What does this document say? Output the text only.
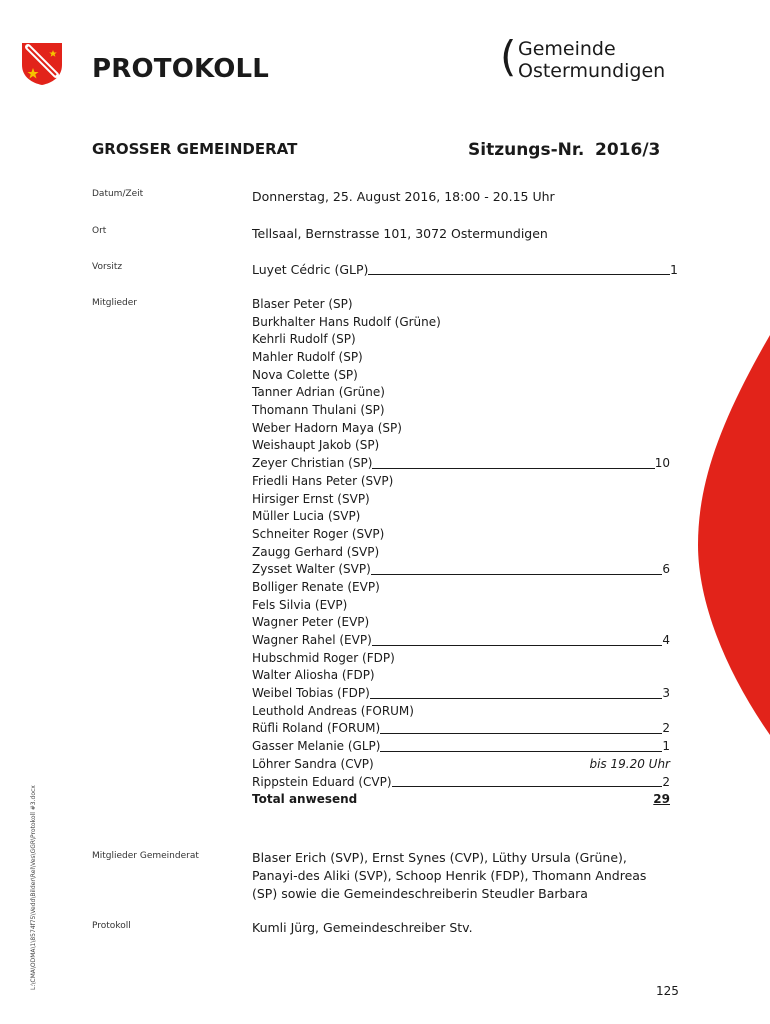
PROTOKOLL	( Gemeinde
Ostermundigen
GROSSER GEMEINDERAT	Sitzungs-Nr. 2016/3
Datum/Zeit	Donnerstag, 25. August 2016, 18:00 - 20.15 Uhr
Ort	Tellsaal, Bernstrasse 101, 3072 Ostermundigen
Vorsitz	Luyet Cédric (GLP)	1
Mitglieder	Blaser Peter (SP)
Burkhalter Hans Rudolf (Grüne)
Kehrli Rudolf (SP)
Mahler Rudolf (SP)
Nova Colette (SP)
Tanner Adrian (Grüne)
Thomann Thulani (SP)
Weber Hadorn Maya (SP)
Weishaupt Jakob (SP)
Zeyer Christian (SP)	10
Friedli Hans Peter (SVP)
Hirsiger Ernst (SVP)
Müller Lucia (SVP)
Schneiter Roger (SVP)
Zaugg Gerhard (SVP)
Zysset Walter (SVP)	6
Bolliger Renate (EVP)
Fels Silvia (EVP)
Wagner Peter (EVP)
Wagner Rahel (EVP)	4
Hubschmid Roger (FDP)
Walter Aliosha (FDP)
Weibel Tobias (FDP)	3
Leuthold Andreas (FORUM)
Rüfli Roland (FORUM)	2
Gasser Melanie (GLP)	1
Löhrer Sandra (CVP)	bis 19.20 Uhr
Rippstein Eduard (CVP)	2
Total anwesend	29
Mitglieder Gemeinderat	Blaser Erich (SVP), Ernst Synes (CVP), Lüthy Ursula (Grüne), Panayi-des Aliki (SVP), Schoop Henrik (FDP), Thomann Andreas (SP) sowie die Gemeindeschreiberin Steudler Barbara
Protokoll	Kumli Jürg, Gemeindeschreiber Stv.
125
L:\CMA\ODMA\1\8574f75\Vedd\Bilder\Rel\Ves\GGR\Protokoll #3.docx
